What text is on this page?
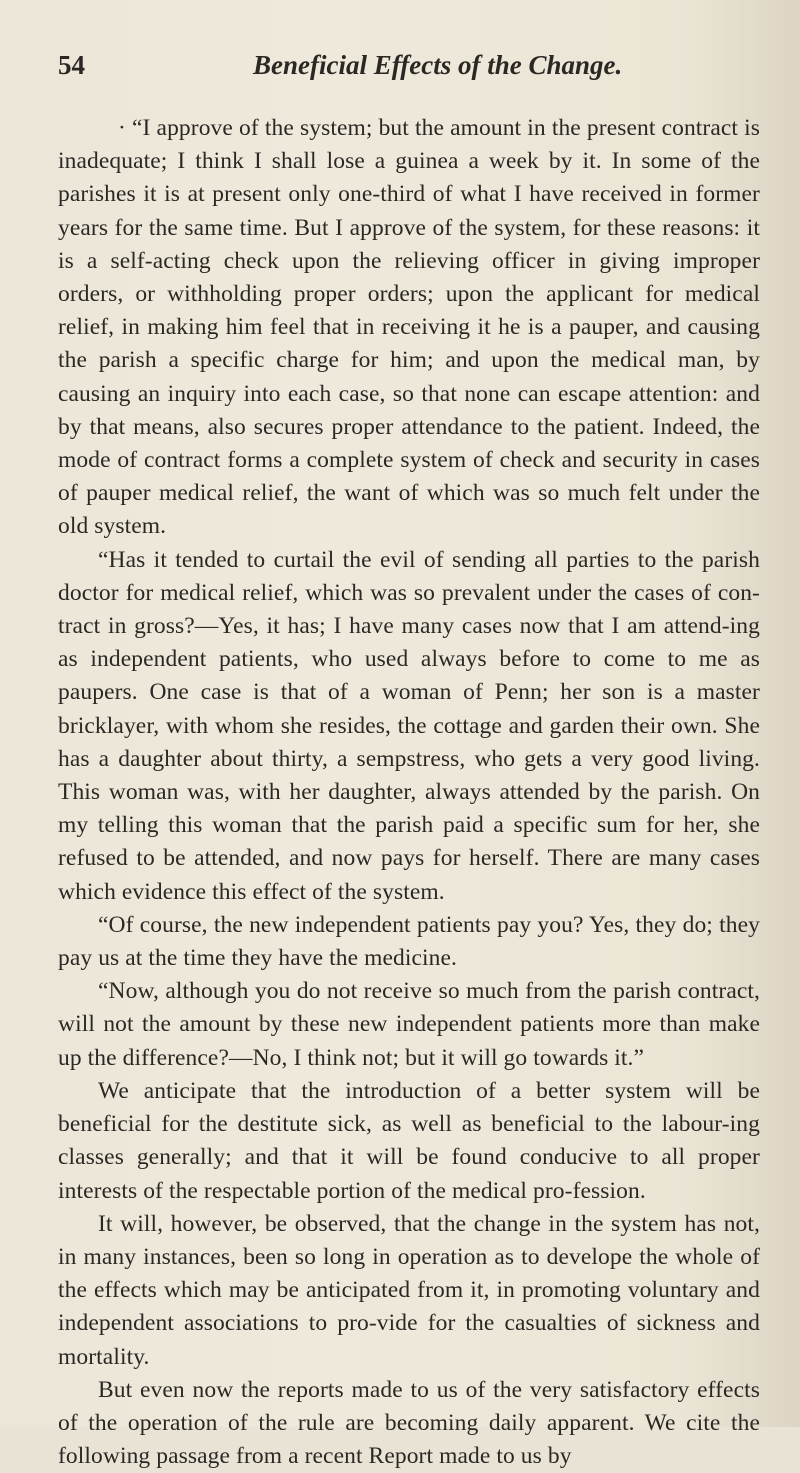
54	Beneficial Effects of the Change.

· “I approve of the system; but the amount in the present contract is inadequate; I think I shall lose a guinea a week by it. In some of the parishes it is at present only one-third of what I have received in former years for the same time. But I approve of the system, for these reasons: it is a self-acting check upon the relieving officer in giving improper orders, or withholding proper orders; upon the applicant for medical relief, in making him feel that in receiving it he is a pauper, and causing the parish a specific charge for him; and upon the medical man, by causing an inquiry into each case, so that none can escape attention: and by that means, also secures proper attendance to the patient. Indeed, the mode of contract forms a complete system of check and security in cases of pauper medical relief, the want of which was so much felt under the old system.

“Has it tended to curtail the evil of sending all parties to the parish doctor for medical relief, which was so prevalent under the cases of con-tract in gross?—Yes, it has; I have many cases now that I am attend-ing as independent patients, who used always before to come to me as paupers. One case is that of a woman of Penn; her son is a master bricklayer, with whom she resides, the cottage and garden their own. She has a daughter about thirty, a sempstress, who gets a very good living. This woman was, with her daughter, always attended by the parish. On my telling this woman that the parish paid a specific sum for her, she refused to be attended, and now pays for herself. There are many cases which evidence this effect of the system.

“Of course, the new independent patients pay you? Yes, they do; they pay us at the time they have the medicine.

“Now, although you do not receive so much from the parish contract, will not the amount by these new independent patients more than make up the difference?—No, I think not; but it will go towards it.”

We anticipate that the introduction of a better system will be beneficial for the destitute sick, as well as beneficial to the labour-ing classes generally; and that it will be found conducive to all proper interests of the respectable portion of the medical pro-fession.

It will, however, be observed, that the change in the system has not, in many instances, been so long in operation as to develope the whole of the effects which may be anticipated from it, in promoting voluntary and independent associations to pro-vide for the casualties of sickness and mortality.

But even now the reports made to us of the very satisfactory effects of the operation of the rule are becoming daily apparent. We cite the following passage from a recent Report made to us by
